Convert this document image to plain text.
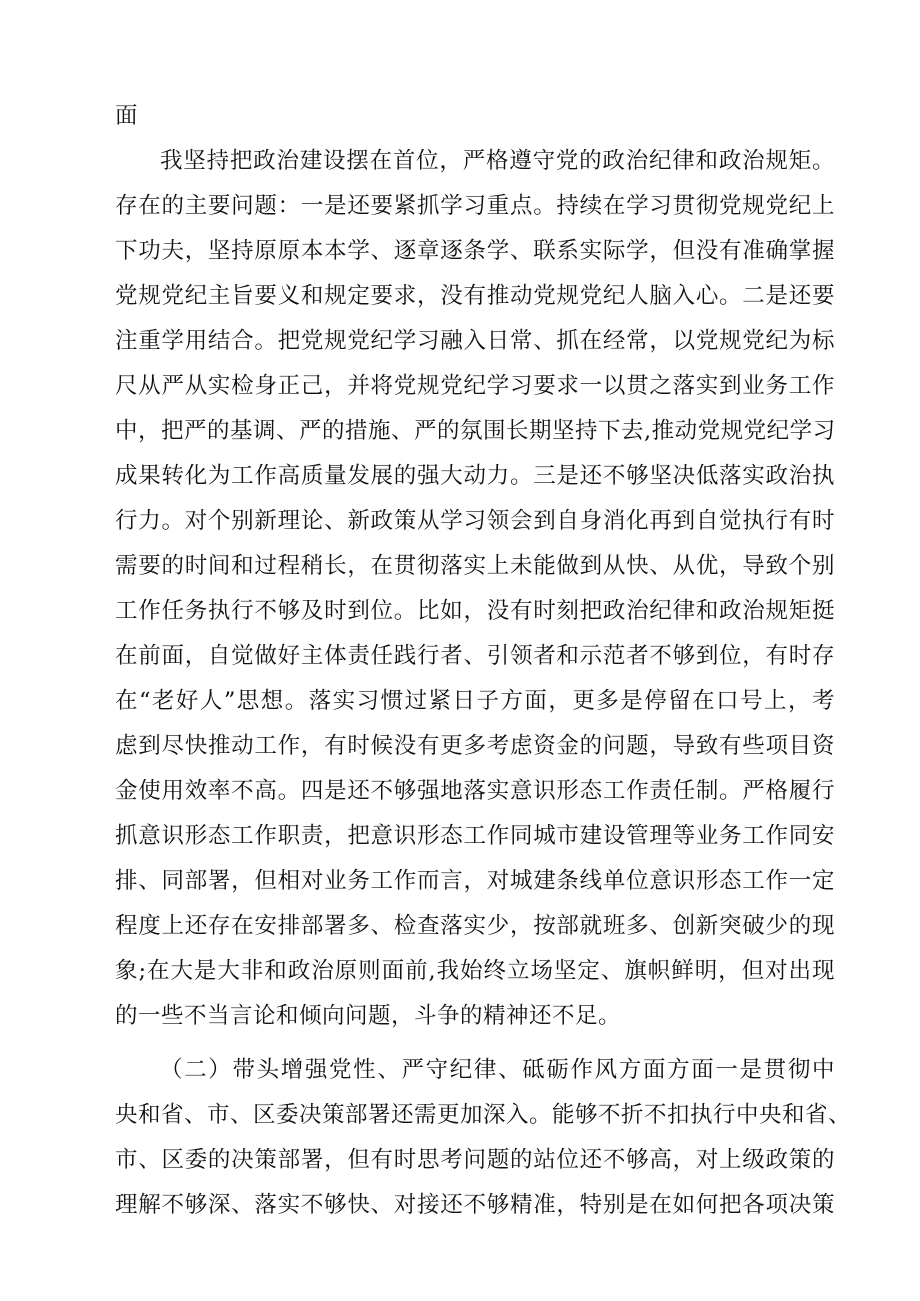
面
我坚持把政治建设摆在首位，严格遵守党的政治纪律和政治规矩。
存在的主要问题：一是还要紧抓学习重点。持续在学习贯彻党规党纪上
下功夫，坚持原原本本学、逐章逐条学、联系实际学，但没有准确掌握
党规党纪主旨要义和规定要求，没有推动党规党纪人脑入心。二是还要
注重学用结合。把党规党纪学习融入日常、抓在经常，以党规党纪为标
尺从严从实检身正己，并将党规党纪学习要求一以贯之落实到业务工作
中，把严的基调、严的措施、严的氛围长期坚持下去,推动党规党纪学习
成果转化为工作高质量发展的强大动力。三是还不够坚决低落实政治执
行力。对个别新理论、新政策从学习领会到自身消化再到自觉执行有时
需要的时间和过程稍长，在贯彻落实上未能做到从快、从优，导致个别
工作任务执行不够及时到位。比如，没有时刻把政治纪律和政治规矩挺
在前面，自觉做好主体责任践行者、引领者和示范者不够到位，有时存
在“老好人”思想。落实习惯过紧日子方面，更多是停留在口号上，考
虑到尽快推动工作，有时候没有更多考虑资金的问题，导致有些项目资
金使用效率不高。四是还不够强地落实意识形态工作责任制。严格履行
抓意识形态工作职责，把意识形态工作同城市建设管理等业务工作同安
排、同部署，但相对业务工作而言，对城建条线单位意识形态工作一定
程度上还存在安排部署多、检查落实少，按部就班多、创新突破少的现
象;在大是大非和政治原则面前,我始终立场坚定、旗帜鲜明，但对出现
的一些不当言论和倾向问题，斗争的精神还不足。
（二）带头增强党性、严守纪律、砥砺作风方面方面一是贯彻中
央和省、市、区委决策部署还需更加深入。能够不折不扣执行中央和省、
市、区委的决策部署，但有时思考问题的站位还不够高，对上级政策的
理解不够深、落实不够快、对接还不够精准，特别是在如何把各项决策
